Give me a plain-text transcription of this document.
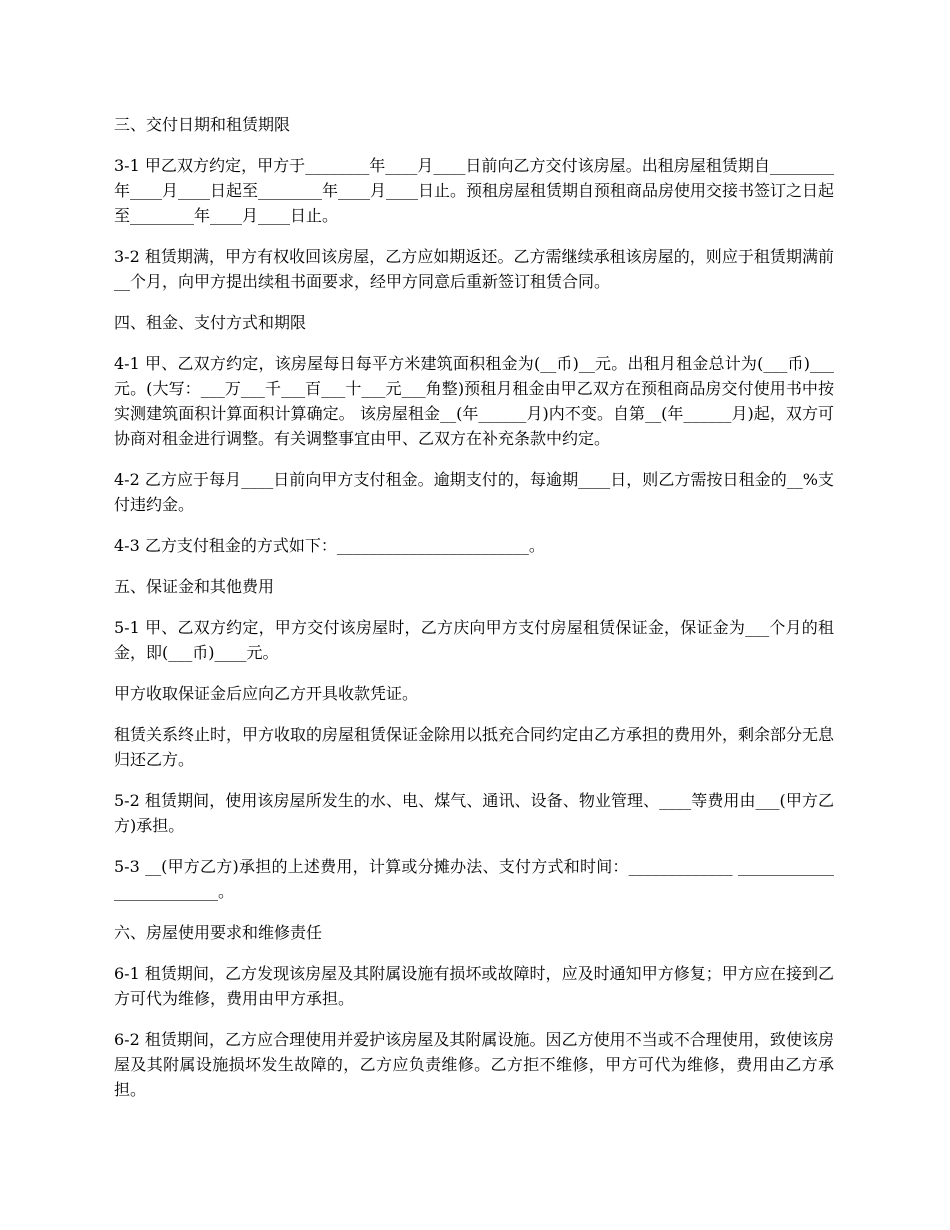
三、交付日期和租赁期限

3-1 甲乙双方约定，甲方于________年____月____日前向乙方交付该房屋。出租房屋租赁期自________年____月____日起至________年____月____日止。预租房屋租赁期自预租商品房使用交接书签订之日起至________年____月____日止。

3-2 租赁期满，甲方有权收回该房屋，乙方应如期返还。乙方需继续承租该房屋的，则应于租赁期满前__个月，向甲方提出续租书面要求，经甲方同意后重新签订租赁合同。

四、租金、支付方式和期限

4-1 甲、乙双方约定，该房屋每日每平方米建筑面积租金为(__币)__元。出租月租金总计为(___币)___元。(大写：___万___千___百___十___元___角整)预租月租金由甲乙双方在预租商品房交付使用书中按实测建筑面积计算面积计算确定。 该房屋租金__(年______月)内不变。自第__(年______月)起，双方可协商对租金进行调整。有关调整事宜由甲、乙双方在补充条款中约定。

4-2 乙方应于每月____日前向甲方支付租金。逾期支付的，每逾期____日，则乙方需按日租金的__%支付违约金。

4-3 乙方支付租金的方式如下：________________________。

五、保证金和其他费用

5-1 甲、乙双方约定，甲方交付该房屋时，乙方庆向甲方支付房屋租赁保证金，保证金为___个月的租金，即(___币)____元。

甲方收取保证金后应向乙方开具收款凭证。

租赁关系终止时，甲方收取的房屋租赁保证金除用以抵充合同约定由乙方承担的费用外，剩余部分无息归还乙方。

5-2 租赁期间，使用该房屋所发生的水、电、煤气、通讯、设备、物业管理、____等费用由___(甲方乙方)承担。

5-3 __(甲方乙方)承担的上述费用，计算或分摊办法、支付方式和时间：_____________ _________________________。

六、房屋使用要求和维修责任

6-1 租赁期间，乙方发现该房屋及其附属设施有损坏或故障时，应及时通知甲方修复；甲方应在接到乙方可代为维修，费用由甲方承担。

6-2 租赁期间，乙方应合理使用并爱护该房屋及其附属设施。因乙方使用不当或不合理使用，致使该房屋及其附属设施损坏发生故障的，乙方应负责维修。乙方拒不维修，甲方可代为维修，费用由乙方承担。
